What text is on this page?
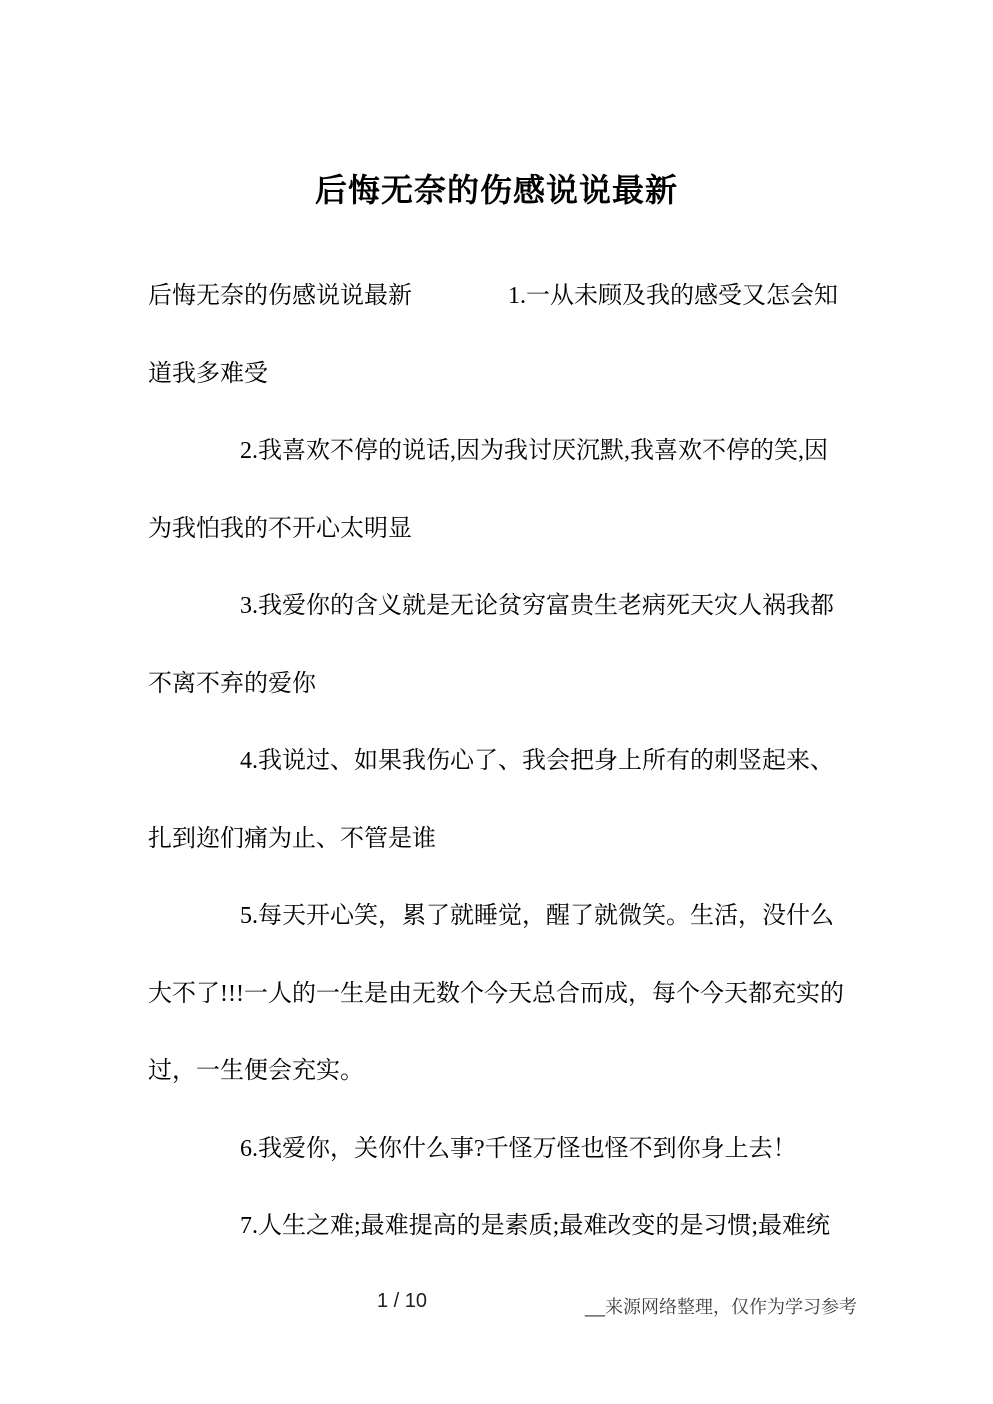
后悔无奈的伤感说说最新
后悔无奈的伤感说说最新　　　　1.一从未顾及我的感受又怎会知
道我多难受
2.我喜欢不停的说话,因为我讨厌沉默,我喜欢不停的笑,因
为我怕我的不开心太明显
3.我爱你的含义就是无论贫穷富贵生老病死天灾人祸我都
不离不弃的爱你
4.我说过、如果我伤心了、我会把身上所有的刺竖起来、
扎到迩们痛为止、不管是谁
5.每天开心笑，累了就睡觉，醒了就微笑。生活，没什么
大不了!!!一人的一生是由无数个今天总合而成，每个今天都充实的
过，一生便会充实。
6.我爱你，关你什么事?千怪万怪也怪不到你身上去！
7.人生之难;最难提高的是素质;最难改变的是习惯;最难统
1 / 10	__来源网络整理，仅作为学习参考
